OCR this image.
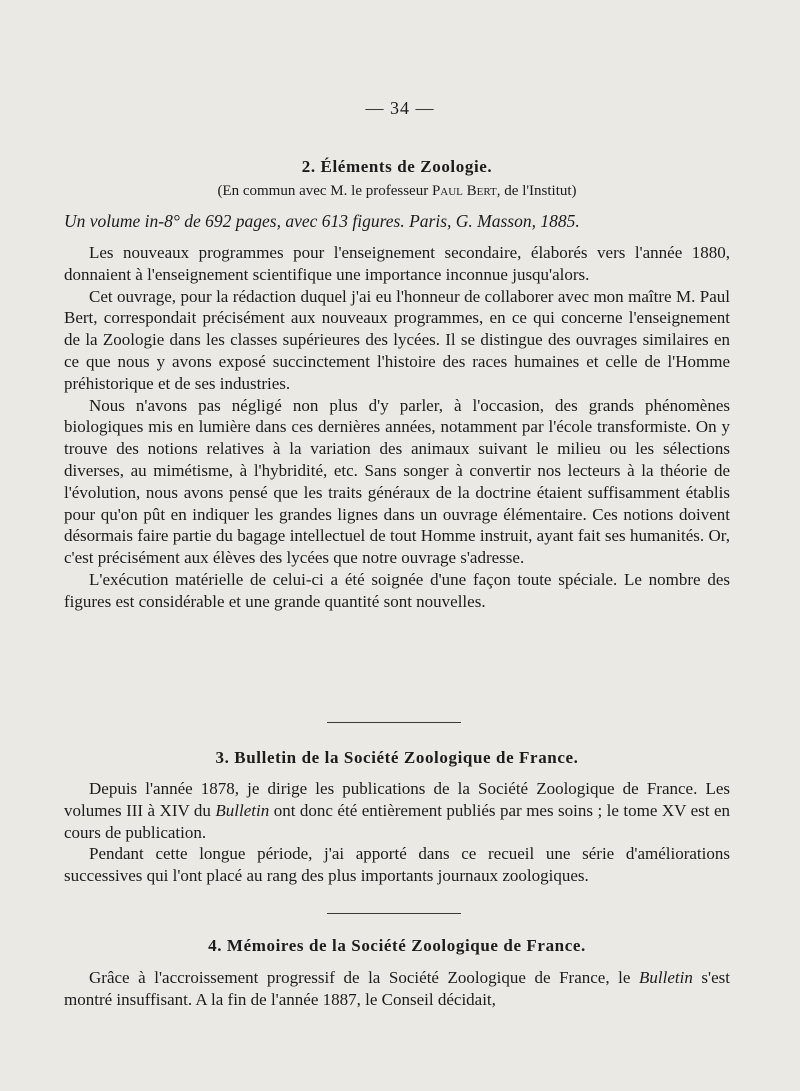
— 34 —
2. Éléments de Zoologie.
(En commun avec M. le professeur Paul Bert, de l'Institut)
Un volume in-8° de 692 pages, avec 613 figures. Paris, G. Masson, 1885.

Les nouveaux programmes pour l'enseignement secondaire, élaborés vers l'année 1880, donnaient à l'enseignement scientifique une importance inconnue jusqu'alors.

Cet ouvrage, pour la rédaction duquel j'ai eu l'honneur de collaborer avec mon maître M. Paul Bert, correspondait précisément aux nouveaux programmes, en ce qui concerne l'enseignement de la Zoologie dans les classes supérieures des lycées. Il se distingue des ouvrages similaires en ce que nous y avons exposé succinctement l'histoire des races humaines et celle de l'Homme préhistorique et de ses industries.

Nous n'avons pas négligé non plus d'y parler, à l'occasion, des grands phénomènes biologiques mis en lumière dans ces dernières années, notamment par l'école transformiste. On y trouve des notions relatives à la variation des animaux suivant le milieu ou les sélections diverses, au mimétisme, à l'hybridité, etc. Sans songer à convertir nos lecteurs à la théorie de l'évolution, nous avons pensé que les traits généraux de la doctrine étaient suffisamment établis pour qu'on pût en indiquer les grandes lignes dans un ouvrage élémentaire. Ces notions doivent désormais faire partie du bagage intellectuel de tout Homme instruit, ayant fait ses humanités. Or, c'est précisément aux élèves des lycées que notre ouvrage s'adresse.

L'exécution matérielle de celui-ci a été soignée d'une façon toute spéciale. Le nombre des figures est considérable et une grande quantité sont nouvelles.

3. Bulletin de la Société Zoologique de France.

Depuis l'année 1878, je dirige les publications de la Société Zoologique de France. Les volumes III à XIV du Bulletin ont donc été entièrement publiés par mes soins ; le tome XV est en cours de publication.

Pendant cette longue période, j'ai apporté dans ce recueil une série d'améliorations successives qui l'ont placé au rang des plus importants journaux zoologiques.

4. Mémoires de la Société Zoologique de France.

Grâce à l'accroissement progressif de la Société Zoologique de France, le Bulletin s'est montré insuffisant. A la fin de l'année 1887, le Conseil décidait,
